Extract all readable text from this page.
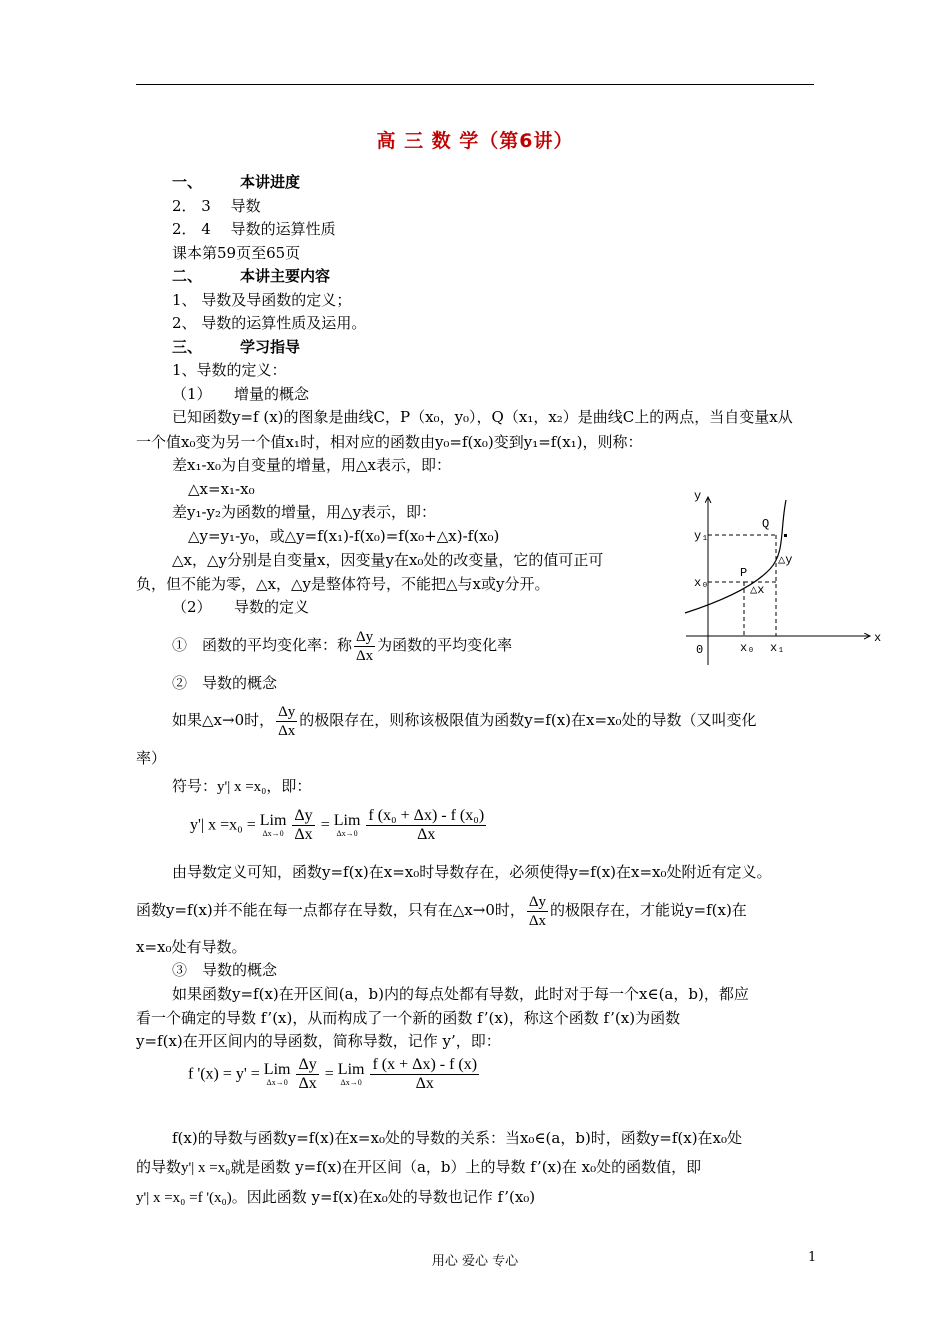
高 三 数 学（第6讲）
一、	本讲进度
2． 3　 导数
2． 4　 导数的运算性质
课本第59页至65页
二、	本讲主要内容
1、 导数及导函数的定义；
2、 导数的运算性质及运用。
三、	学习指导
1、导数的定义：
（1）　　增量的概念
已知函数y=f (x)的图象是曲线C，P（x₀，y₀），Q（x₁，x₂）是曲线C上的两点，当自变量x从
一个值x₀变为另一个值x₁时，相对应的函数由y₀=f(x₀)变到y₁=f(x₁)，则称：
差x₁-x₀为自变量的增量，用△x表示，即：
△x=x₁-x₀
差y₁-y₂为函数的增量，用△y表示，即：
△y=y₁-y₀，或△y=f(x₁)-f(x₀)=f(x₀+△x)-f(x₀)
△x，△y分别是自变量x，因变量y在x₀处的改变量，它的值可正可
负，但不能为零，△x，△y是整体符号，不能把△与x或y分开。
（2）　　导数的定义
y
x
0
y₁
x₀
P
Q
△y
△x
x₀ x₁
①　函数的平均变化率：称 $\frac{\Delta y}{\Delta x}$ 为函数的平均变化率
②　导数的概念
如果△x→0时， $\frac{\Delta y}{\Delta x}$ 的极限存在，则称该极限值为函数y=f(x)在x=x₀处的导数（又叫变化
率）
符号：y'| x =x₀，即：
y'| x =x₀ = Lim
Δx→0
$\frac{\Delta y}{\Delta x}$ = Lim
Δx→0
$\frac{\text{f (x₀ + Δx) - f (x₀)}}{\Delta x}$
由导数定义可知，函数y=f(x)在x=x₀时导数存在，必须使得y=f(x)在x=x₀处附近有定义。
函数y=f(x)并不能在每一点都存在导数，只有在△x→0时， $\frac{\Delta y}{\Delta x}$ 的极限存在，才能说y=f(x)在
x=x₀处有导数。
③　导数的概念
如果函数y=f(x)在开区间(a，b)内的每点处都有导数，此时对于每一个x∈(a，b)，都应
看一个确定的导数 f’(x)，从而构成了一个新的函数 f’(x)，称这个函数 f’(x)为函数
y=f(x)在开区间内的导函数，简称导数，记作 y’，即：
f '(x) = y' = Lim
Δx→0
$\frac{\Delta y}{\Delta x}$ = Lim
Δx→0
$\frac{f (x + \Delta x) - f (x)}{\Delta x}$
f(x)的导数与函数y=f(x)在x=x₀处的导数的关系：当x₀∈(a，b)时，函数y=f(x)在x₀处
的导数y'| x =x₀就是函数 y=f(x)在开区间（a，b）上的导数 f’(x)在 x₀处的函数值，即
y'| x =x₀ =f '(x₀)。因此函数 y=f(x)在x₀处的导数也记作 f’(x₀)
用心 爱心 专心	1
